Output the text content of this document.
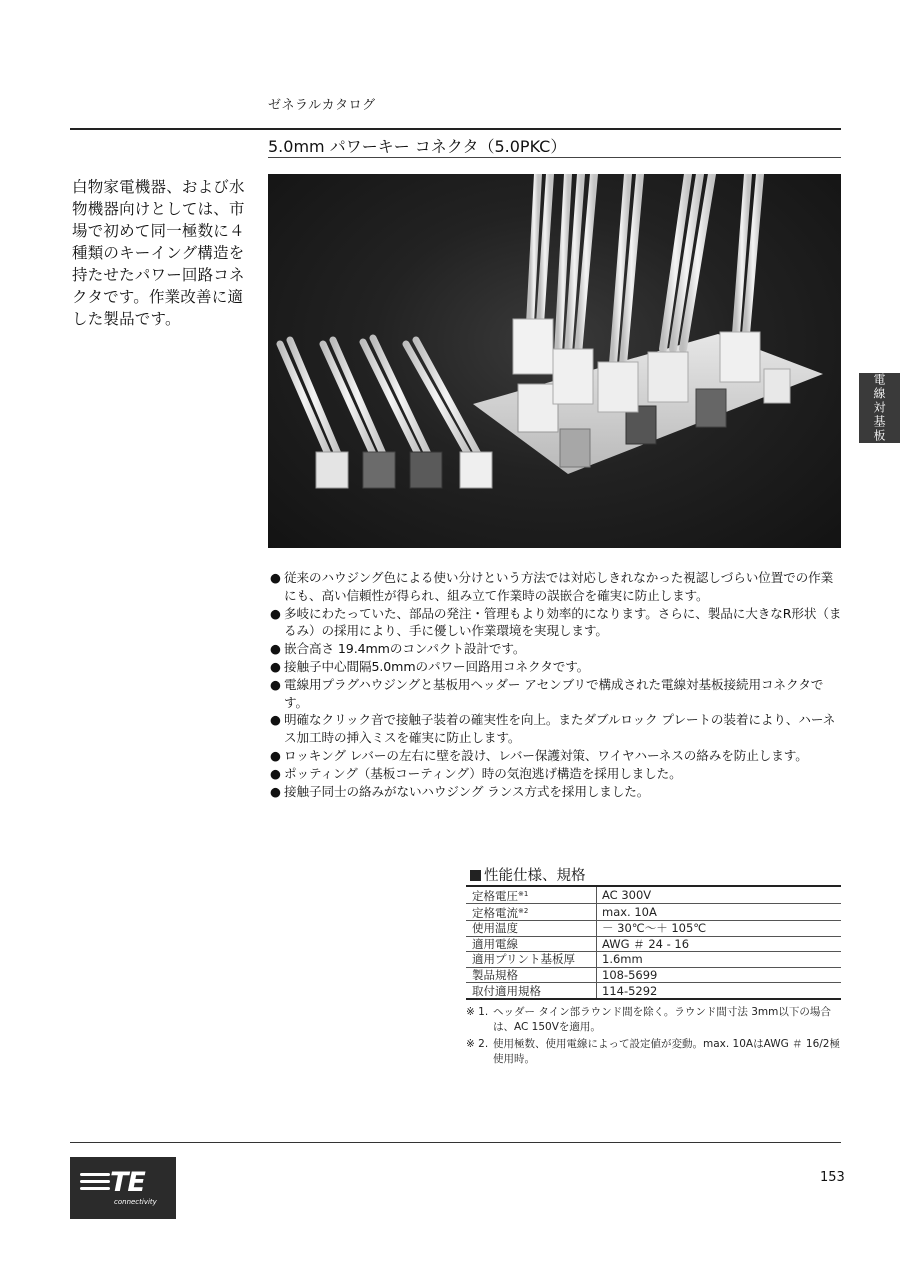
ゼネラルカタログ
5.0mm パワーキー コネクタ（5.0PKC）
白物家電機器、および水物機器向けとしては、市場で初めて同一極数に４種類のキーイング構造を持たせたパワー回路コネクタです。作業改善に適した製品です。
電線対基板
● 従来のハウジング色による使い分けという方法では対応しきれなかった視認しづらい位置での作業にも、高い信頼性が得られ、組み立て作業時の誤嵌合を確実に防止します。
● 多岐にわたっていた、部品の発注・管理もより効率的になります。さらに、製品に大きなR形状（まるみ）の採用により、手に優しい作業環境を実現します。
● 嵌合高さ 19.4mmのコンパクト設計です。
● 接触子中心間隔5.0mmのパワー回路用コネクタです。
● 電線用プラグハウジングと基板用ヘッダー アセンブリで構成された電線対基板接続用コネクタです。
● 明確なクリック音で接触子装着の確実性を向上。またダブルロック プレートの装着により、ハーネス加工時の挿入ミスを確実に防止します。
● ロッキング レバーの左右に壁を設け、レバー保護対策、ワイヤハーネスの絡みを防止します。
● ポッティング（基板コーティング）時の気泡逃げ構造を採用しました。
● 接触子同士の絡みがないハウジング ランス方式を採用しました。
性能仕様、規格
定格電圧$^{※1}$	AC 300V
定格電流$^{※2}$	max. 10A
使用温度	－ 30℃～＋ 105℃
適用電線	AWG ＃ 24 - 16
適用プリント基板厚	1.6mm
製品規格	108-5699
取付適用規格	114-5292
※ 1. ヘッダー タイン部ラウンド間を除く。ラウンド間寸法 3mm以下の場合は、AC 150Vを適用。
※ 2. 使用極数、使用電線によって設定値が変動。max. 10AはAWG ＃ 16/2極使用時。
TE
connectivity
153
